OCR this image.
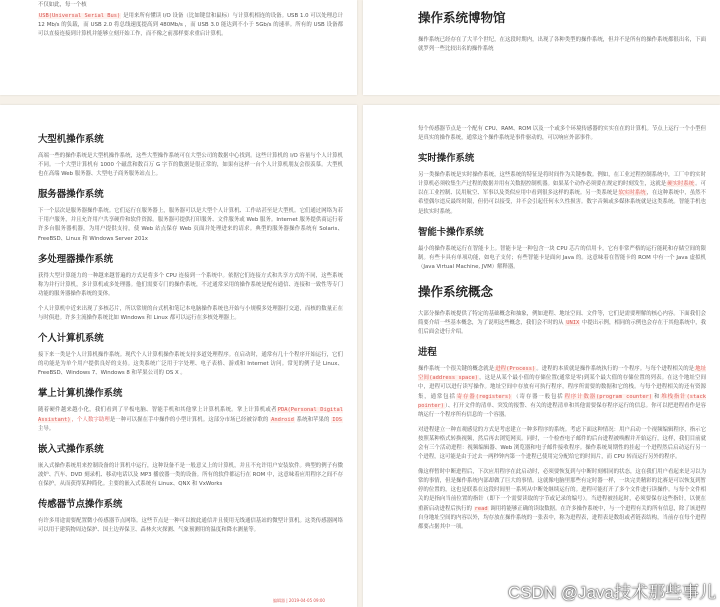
不仅如此，每一个核

USB(Universal Serial Bus) 是用来所有懂读 I/O 设备（比如键盘和鼠标）与计算机相连的设备。USB 1.0 可以处理总计 12 Mb/s 的负载，而 USB 2.0 将总线速度提高到 480Mb/s ，而 USB 3.0 能达到不小于 5Gb/s 的速率。所有的 USB 设备都可以直接连接到计算机并能够立刻开始工作，而不像之前那样要求重启计算机。

操作系统博物馆

操作系统已经存在了大半个世纪，在这段时期内，出现了各种类型的操作系统，但并不是所有的操作系统都很出名，下面就罗列一些比较出名的操作系统

大型机操作系统

高端一些的操作系统是大型机操作系统，这些大型操作系统可在大型公司的数据中心找到。这些计算机的 I/O 容量与个人计算机不同。一个大型计算机有 1000 个磁盘和数百万 G 字节的数据是很正常的，如果有这样一台个人计算机朋友会很羡慕。大型机也在高端 Web 服务器、大型电子商务服务站点上。

服务器操作系统

下一个层次是服务器操作系统。它们运行在服务器上，服务器可以是大型个人计算机、工作站甚至是大型机。它们通过网络为若干用户服务，并且允许用户共享硬件和软件资源。服务器可提供打印服务、文件服务或 Web 服务。Internet 服务提供商运行着许多台服务器机器，为用户提供支持，使 Web 站点保存 Web 页面并处理进来的请求。典型的服务器操作系统有 Solaris、FreeBSD、Linux 和 Windows Server 201x

多处理器操作系统

获得大型计算能力的一种越来越普遍的方式是将多个 CPU 连接到一个系统中。依据它们连接方式和共享方式的不同，这些系统称为并行计算机，多计算机或多处理器。他们需要专门的操作系统，不过通常采用的操作系统是配有通信、连接和一致性等专门功能的服务器操作系统的变体。

个人计算机中近来出现了多核芯片，所以常规的台式机和笔记本电脑操作系统也开始与小规模多处理器打交道，而核的数量正在与时俱进。许多主流操作系统比如 Windows 和 Linux 都可以运行在多核处理器上。

个人计算机系统

接下来一类是个人计算机操作系统。现代个人计算机操作系统支持多道处理程序。在启动时，通常有几十个程序开始运行，它们的功能是为单个用户提供良好的支持。这类系统广泛用于字处理、电子表格、游戏和 Internet 访问。常见的例子是 Linux、FreeBSD、Windows 7、Windows 8 和苹果公司的 OS X 。

掌上计算机操作系统

随着硬件越来越小化，我们看到了平板电脑、智能手机和其他掌上计算机系统。掌上计算机或者PDA(Personal Digital Assistant)，个人数字助理是一种可以握在手中操作的小型计算机。这部分市场已经被谷歌的 Android 系统和苹果的 IOS 主导。

嵌入式操作系统

嵌入式操作系统用来控制设备的计算机中运行，这种设备不是一般意义上的计算机，并且不允许用户安装软件。典型的例子有微波炉、汽车、DVD 刻录机、移动电话以及 MP3 播放器一类的设备。所有的软件都运行在 ROM 中，这意味着应用程序之间不存在保护，从而获得某种简化。主要的嵌入式系统有 Linux、QNX 和 VxWorks

传感器节点操作系统

有许多用途需要配置微小传感器节点网络。这些节点是一种可以彼此通信并且使用无线通信基站的微型计算机。这类传感器网络可以用于建筑物周边保护、国土边界保卫、森林火灾探测、气象预测用的温度和降水测量等。

编辑器 | 2019-04-05 09:00

每个传感器节点是一个配有 CPU、RAM、ROM 以及一个或多个环境传感器的实实在在的计算机。节点上运行一个小型但是真实的操作系统，通常这个操作系统是事件驱动的，可以响应外部事件。

实时操作系统

另一类操作系统是实时操作系统，这些系统的特征是将时间作为关键参数。例如，在工业过程控制系统中，工厂中的实时计算机必须收集生产过程的数据并用有关数据控制机器。如果某个动作必须要在规定的时刻发生，这就是硬实时系统。可以在工业控制、民用航空、军事以及类似应用中看到很多这样的系统。另一类系统是软实时系统，在这种系统中，虽然不希望偶尔违反最终时限，但仍可以接受，并不会引起任何永久性损害。数字音频或多媒体系统就是这类系统。智能手机也是软实时系统。

智能卡操作系统

最小的操作系统运行在智能卡上。智能卡是一种包含一块 CPU 芯片的信用卡，它有非常严格的运行能耗和存储空间的限制。有些卡具有单项功能，如电子支付；有些智能卡是面向 Java 的。这意味着在智能卡的 ROM 中有一个 Java 虚拟机（Java Virtual Machine, JVM）解释器。

操作系统概念

大部分操作系统提供了特定的基础概念和抽象，例如进程、地址空间、文件等，它们是需要理解的核心内容。下面我们会简要介绍一些基本概念，为了说明这些概念，我们会不时的从 UNIX 中提出示例，相同的示例也会存在于其他系统中，我们后面会进行介绍。

进程

操作系统一个很关键的概念就是进程(Process)。进程的本质就是操作系统执行的一个程序。与每个进程相关的是地址空间(address space)，这是从某个最小值的存储位置(通常是零)到某个最大值的存储位置的列表。在这个地址空间中，进程可以进行读写操作。地址空间中存放有可执行程序，程序所需要的数据和它的栈。与每个进程相关的还有资源集，通常包括寄存器(registers)（寄存器一般包括程序计数器(program counter)和堆栈指针(stack pointer)）、打开文件的清单、突发的报警、有关的进程清单和其他需要保存程序运行的信息。你可以把进程看作是容纳运行一个程序所有信息的一个容器。

对进程建立一种直观感觉的方式是考虑建立一种多程序的系统。考虑下面这种情况：用户启动一个视频编辑程序，指示它按照某种格式转换视频，然后再去浏览网页。同时，一个检查电子邮件的后台进程被唤醒并开始运行，这样，我们目前就会有三个活动进程：视频编辑器、Web 浏览器和电子邮件接收程序。操作系统周期性的挂起一个进程然后启动运行另一个进程，这可能是由于过去一两秒钟内第一个进程已使用完分配给它的时间片，而 CPU 转而运行另外的程序。

像这样暂时中断进程后，下次应用程序在此启动时，必须要恢复到与中断时刻相同的状态，这在我们用户看起来是习以为常的事情，但是操作系统内部却做了巨大的事情。这就像电脑里那些有定时器一样，一块完美精彩的比赛是可以恢复到暂停的位置的，这也是联系在这段时间里一系列从中断处继续运行的。进程可能打开了多个文件进行读操作。与每个文件相关的是指向当前位置的指针（即下一个需要读取的字节或记录的编号）。当进程被挂起时，必须要保存这些指针，以便在重新启动进程后执行的 read 调用将能够正确的读取数据。在许多操作系统中，与一个进程有关的所有信息，除了该进程自身地址空间的内容以外，均存放在操作系统的一张表中，称为进程表，进程表是数组或者链表结构，当前存在每个进程都要占据其中一项。

CSDN @Java技术那些事儿
